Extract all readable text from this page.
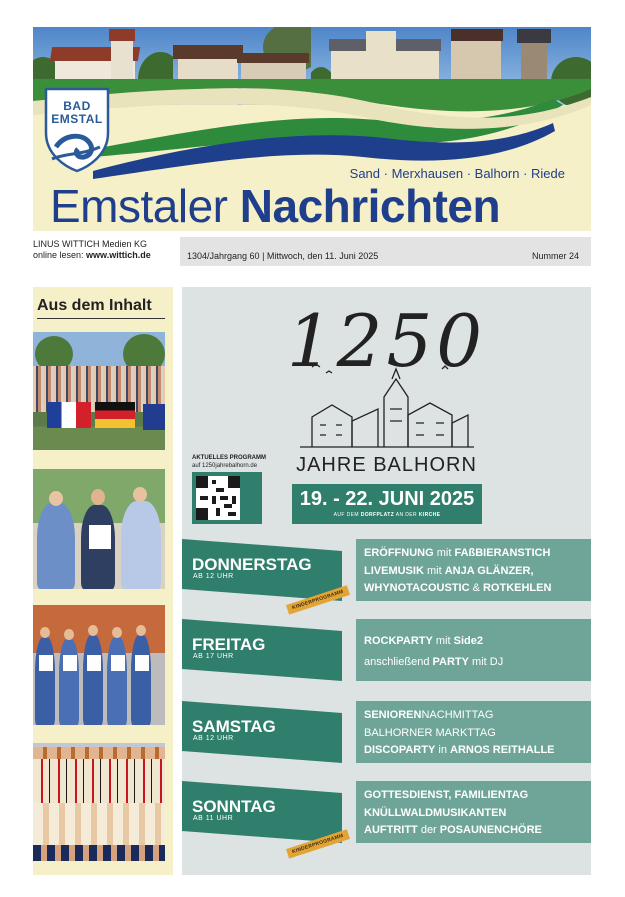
BAD
EMSTAL
Sand · Merxhausen · Balhorn · Riede
Emstaler Nachrichten
LINUS WITTICH Medien KG
online lesen: www.wittich.de	1304/Jahrgang 60 | Mittwoch, den 11. Juni 2025	Nummer 24
Aus dem Inhalt	1250
JAHRE BALHORN
AKTUELLES PROGRAMM
auf 1250jahrebalhorn.de
19. - 22. JUNI 2025
AUF DEM DORFPLATZ AN DER KIRCHE
DONNERSTAG
AB 12 UHR
KINDERPROGRAMM
ERÖFFNUNG mit FAßBIERANSTICH
LIVEMUSIK mit ANJA GLÄNZER,
WHYNOTACOUSTIC & ROTKEHLEN
FREITAG
AB 17 UHR
ROCKPARTY mit Side2
anschließend PARTY mit DJ
SAMSTAG
AB 12 UHR
SENIORENNACHMITTAG
BALHORNER MARKTTAG
DISCOPARTY in ARNOS REITHALLE
SONNTAG
AB 11 UHR
KINDERPROGRAMM
GOTTESDIENST, FAMILIENTAG
KNÜLLWALDMUSIKANTEN
AUFTRITT der POSAUNENCHÖRE
